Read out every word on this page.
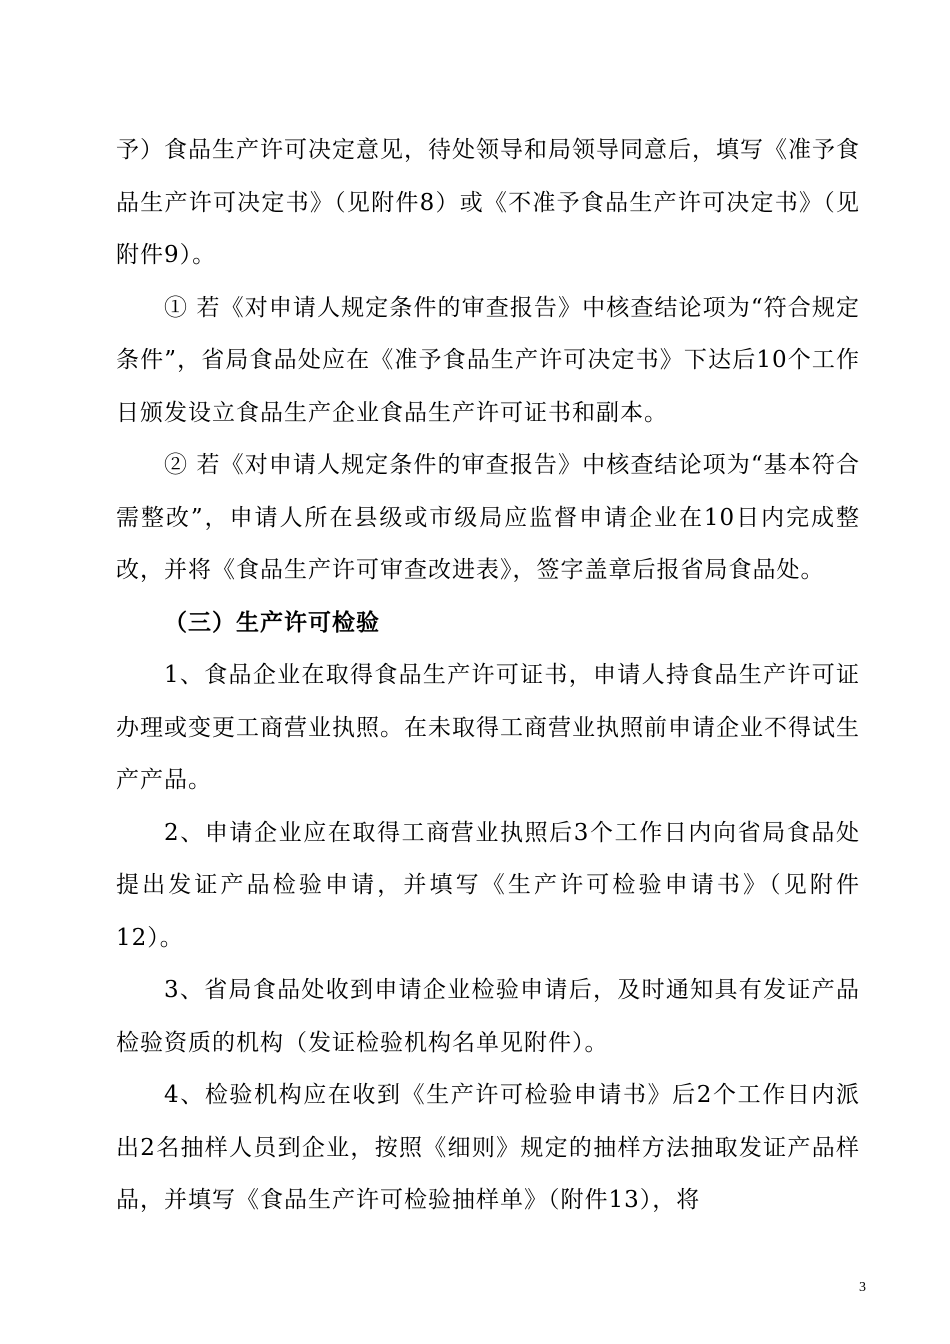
予）食品生产许可决定意见，待处领导和局领导同意后，填写《准予食品生产许可决定书》（见附件8）或《不准予食品生产许可决定书》（见附件9）。

① 若《对申请人规定条件的审查报告》中核查结论项为“符合规定条件”，省局食品处应在《准予食品生产许可决定书》下达后10个工作日颁发设立食品生产企业食品生产许可证书和副本。

② 若《对申请人规定条件的审查报告》中核查结论项为“基本符合需整改”，申请人所在县级或市级局应监督申请企业在10日内完成整改，并将《食品生产许可审查改进表》，签字盖章后报省局食品处。

（三）生产许可检验

1、食品企业在取得食品生产许可证书，申请人持食品生产许可证办理或变更工商营业执照。在未取得工商营业执照前申请企业不得试生产产品。

2、申请企业应在取得工商营业执照后3个工作日内向省局食品处提出发证产品检验申请，并填写《生产许可检验申请书》（见附件12）。

3、省局食品处收到申请企业检验申请后，及时通知具有发证产品检验资质的机构（发证检验机构名单见附件）。

4、检验机构应在收到《生产许可检验申请书》后2个工作日内派出2名抽样人员到企业，按照《细则》规定的抽样方法抽取发证产品样品，并填写《食品生产许可检验抽样单》（附件13），将

3
